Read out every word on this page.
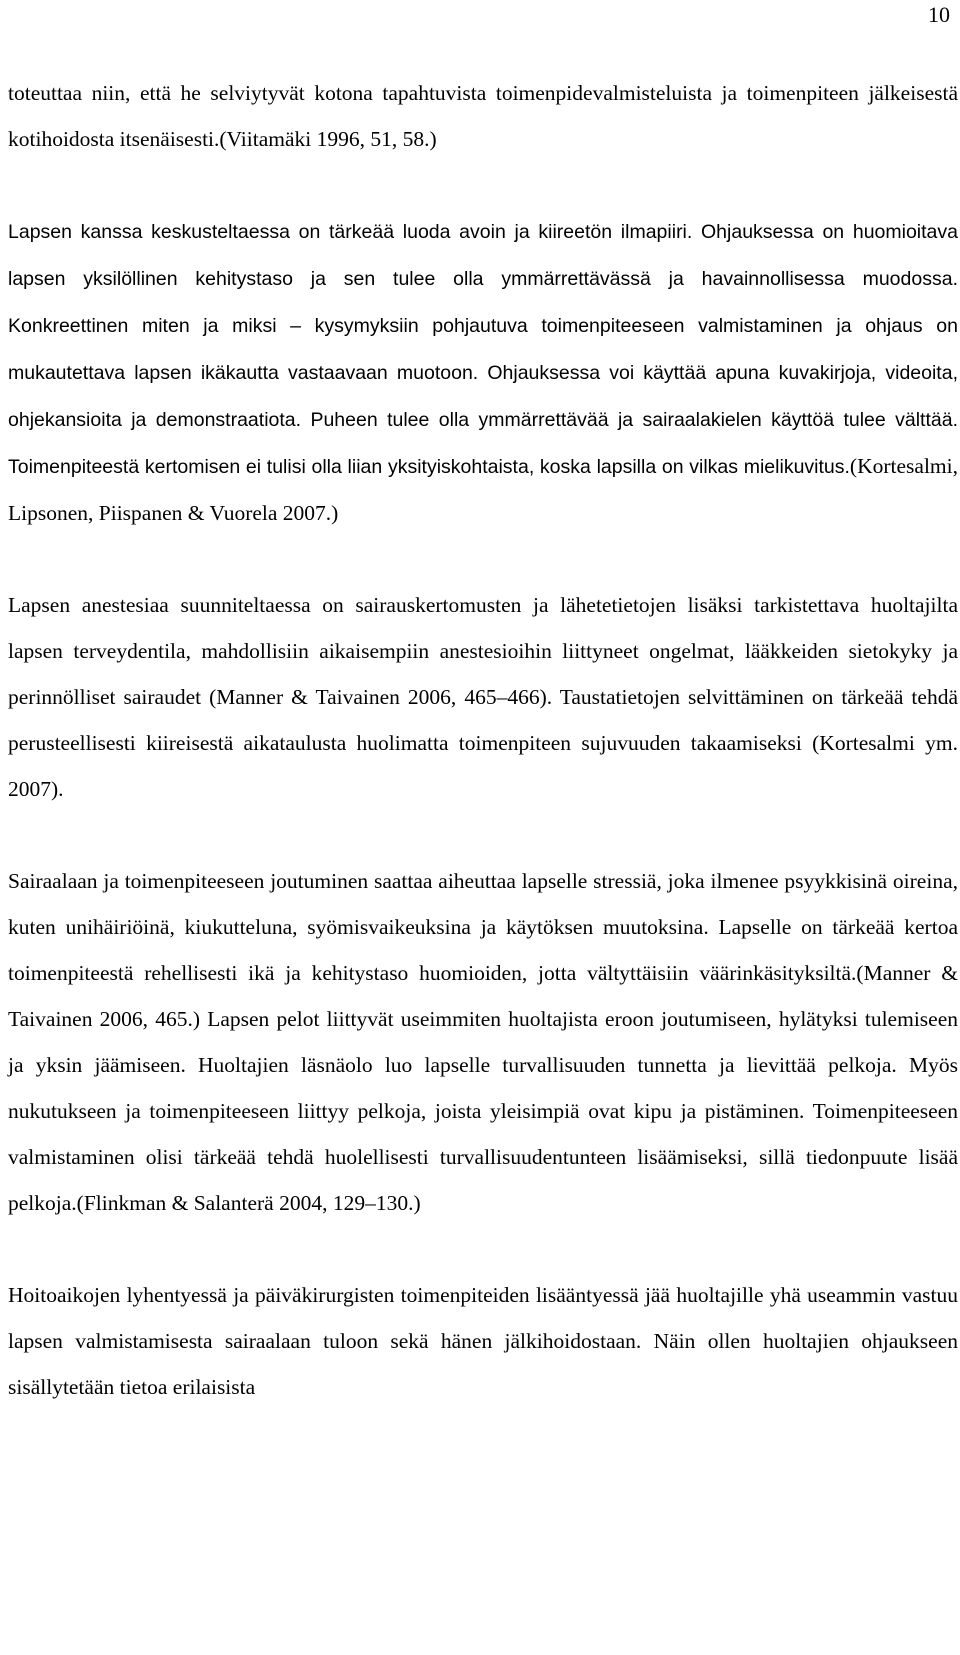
10

toteuttaa niin, että he selviytyvät kotona tapahtuvista toimenpidevalmisteluista ja toimenpiteen jälkeisestä kotihoidosta itsenäisesti.(Viitamäki 1996, 51, 58.)

Lapsen kanssa keskusteltaessa on tärkeää luoda avoin ja kiireetön ilmapiiri. Ohjauksessa on huomioitava lapsen yksilöllinen kehitystaso ja sen tulee olla ymmärrettävässä ja havainnollisessa muodossa. Konkreettinen miten ja miksi – kysymyksiin pohjautuva toimenpiteeseen valmistaminen ja ohjaus on mukautettava lapsen ikäkautta vastaavaan muotoon. Ohjauksessa voi käyttää apuna kuvakirjoja, videoita, ohjekansioita ja demonstraatiota. Puheen tulee olla ymmärrettävää ja sairaalakielen käyttöä tulee välttää. Toimenpiteestä kertomisen ei tulisi olla liian yksityiskohtaista, koska lapsilla on vilkas mielikuvitus.(Kortesalmi, Lipsonen, Piispanen & Vuorela 2007.)

Lapsen anestesiaa suunniteltaessa on sairauskertomusten ja lähetetietojen lisäksi tarkistettava huoltajilta lapsen terveydentila, mahdollisiin aikaisempiin anestesioihin liittyneet ongelmat, lääkkeiden sietokyky ja perinnölliset sairaudet (Manner & Taivainen 2006, 465–466). Taustatietojen selvittäminen on tärkeää tehdä perusteellisesti kiireisestä aikataulusta huolimatta toimenpiteen sujuvuuden takaamiseksi (Kortesalmi ym. 2007).

Sairaalaan ja toimenpiteeseen joutuminen saattaa aiheuttaa lapselle stressiä, joka ilmenee psyykkisinä oireina, kuten unihäiriöinä, kiukutteluna, syömisvaikeuksina ja käytöksen muutoksina. Lapselle on tärkeää kertoa toimenpiteestä rehellisesti ikä ja kehitystaso huomioiden, jotta vältyttäisiin väärinkäsityksiltä.(Manner & Taivainen 2006, 465.) Lapsen pelot liittyvät useimmiten huoltajista eroon joutumiseen, hylätyksi tulemiseen ja yksin jäämiseen. Huoltajien läsnäolo luo lapselle turvallisuuden tunnetta ja lievittää pelkoja. Myös nukutukseen ja toimenpiteeseen liittyy pelkoja, joista yleisimpiä ovat kipu ja pistäminen. Toimenpiteeseen valmistaminen olisi tärkeää tehdä huolellisesti turvallisuudentunteen lisäämiseksi, sillä tiedonpuute lisää pelkoja.(Flinkman & Salanterä 2004, 129–130.)

Hoitoaikojen lyhentyessä ja päiväkirurgisten toimenpiteiden lisääntyessä jää huoltajille yhä useammin vastuu lapsen valmistamisesta sairaalaan tuloon sekä hänen jälkihoidostaan. Näin ollen huoltajien ohjaukseen sisällytetään tietoa erilaisista
